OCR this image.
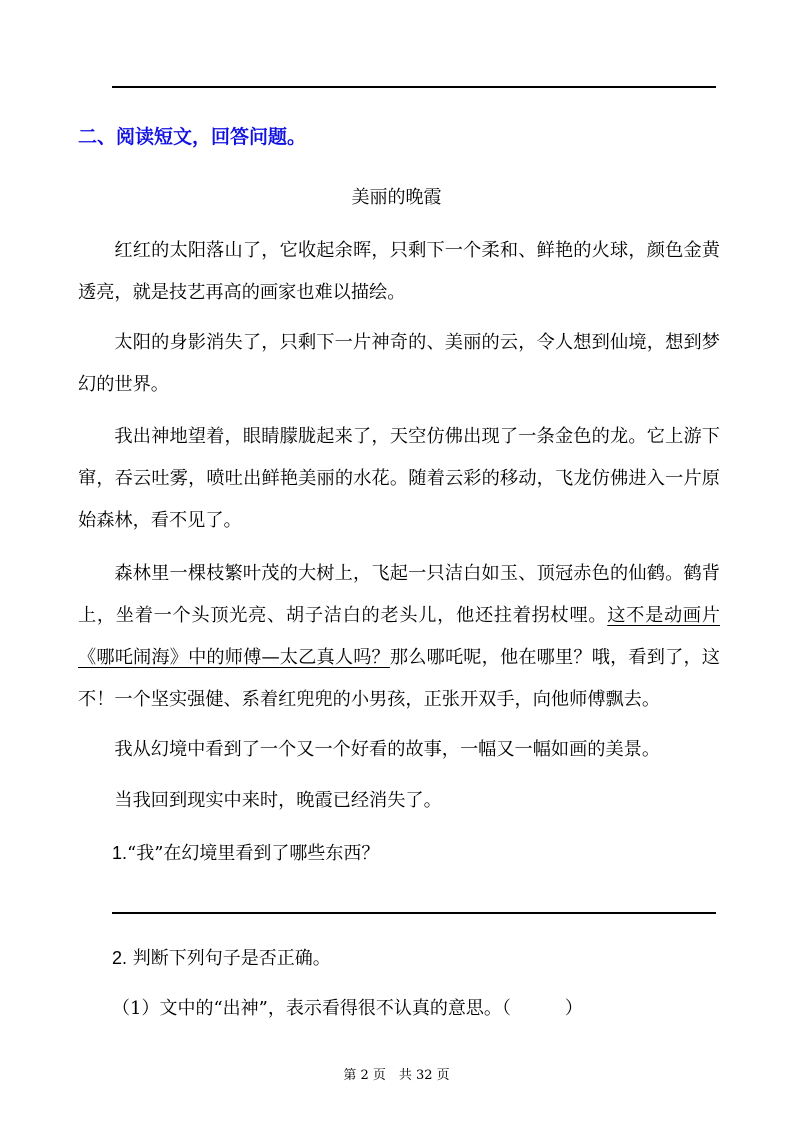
二、阅读短文，回答问题。
美丽的晚霞

红红的太阳落山了，它收起余晖，只剩下一个柔和、鲜艳的火球，颜色金黄透亮，就是技艺再高的画家也难以描绘。

太阳的身影消失了，只剩下一片神奇的、美丽的云，令人想到仙境，想到梦幻的世界。

我出神地望着，眼睛朦胧起来了，天空仿佛出现了一条金色的龙。它上游下窜，吞云吐雾，喷吐出鲜艳美丽的水花。随着云彩的移动，飞龙仿佛进入一片原始森林，看不见了。

森林里一棵枝繁叶茂的大树上，飞起一只洁白如玉、顶冠赤色的仙鹤。鹤背上，坐着一个头顶光亮、胡子洁白的老头儿，他还拄着拐杖哩。这不是动画片《哪吒闹海》中的师傅—太乙真人吗？那么哪吒呢，他在哪里？哦，看到了，这不！一个坚实强健、系着红兜兜的小男孩，正张开双手，向他师傅飘去。

我从幻境中看到了一个又一个好看的故事，一幅又一幅如画的美景。

当我回到现实中来时，晚霞已经消失了。

1.“我”在幻境里看到了哪些东西？
2. 判断下列句子是否正确。
（1）文中的“出神”，表示看得很不认真的意思。（　　　）
第 2 页　共 32 页
